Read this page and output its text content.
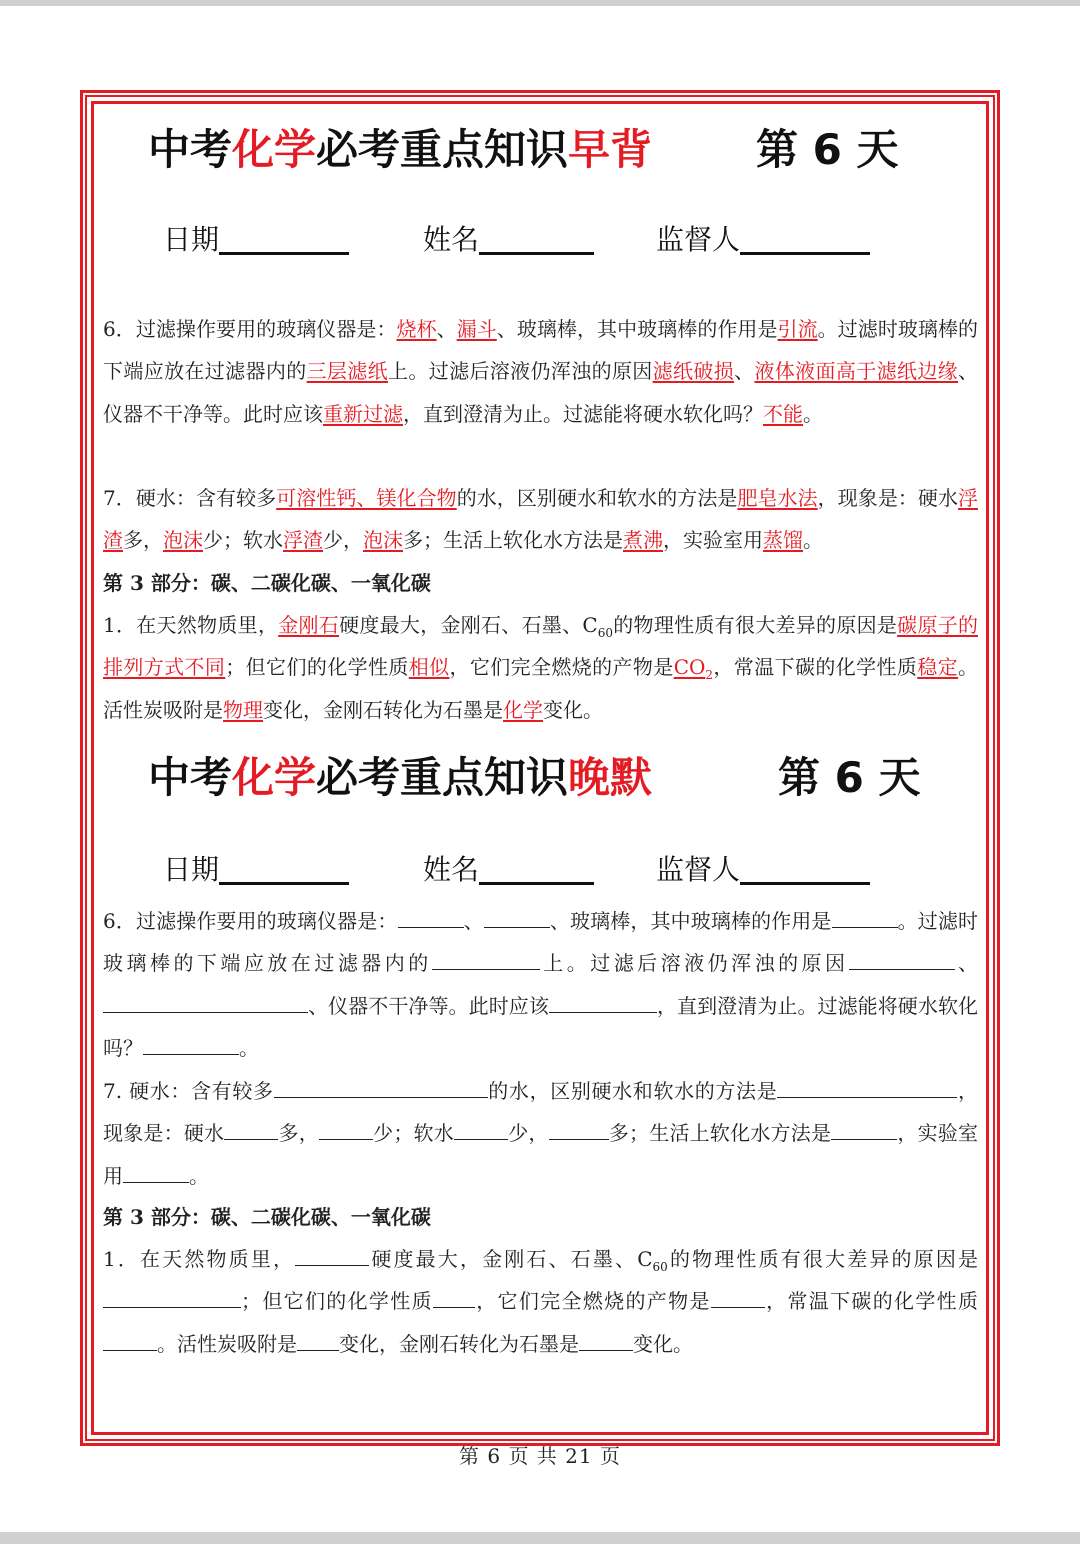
中考化学必考重点知识早背 第 6 天
日期	姓名	监督人
6．过滤操作要用的玻璃仪器是：烧杯、漏斗、玻璃棒，其中玻璃棒的作用是引流。过滤时玻璃棒的下端应放在过滤器内的三层滤纸上。过滤后溶液仍浑浊的原因滤纸破损、液体液面高于滤纸边缘、仪器不干净等。此时应该重新过滤，直到澄清为止。过滤能将硬水软化吗？不能。
7．硬水：含有较多可溶性钙、镁化合物的水，区别硬水和软水的方法是肥皂水法，现象是：硬水浮渣多，泡沫少；软水浮渣少，泡沫多；生活上软化水方法是煮沸，实验室用蒸馏。
第 3 部分：碳、二碳化碳、一氧化碳
1．在天然物质里，金刚石硬度最大，金刚石、石墨、$C_{60}$的物理性质有很大差异的原因是碳原子的排列方式不同；但它们的化学性质相似，它们完全燃烧的产物是$CO_2$，常温下碳的化学性质稳定。活性炭吸附是物理变化，金刚石转化为石墨是化学变化。
中考化学必考重点知识晚默	第 6 天
日期	姓名	监督人
6．过滤操作要用的玻璃仪器是：	、	、玻璃棒，其中玻璃棒的作用是	。过滤时玻璃棒的下端应放在过滤器内的	上。过滤后溶液仍浑浊的原因	、、仪器不干净等。此时应该	，直到澄清为止。过滤能将硬水软化吗？	。
7. 硬水：含有较多	的水，区别硬水和软水的方法是	，现象是：硬水	多，	少；软水	少，	多；生活上软化水方法是	，实验室用	。
第 3 部分：碳、二碳化碳、一氧化碳
1．在天然物质里，	硬度最大，金刚石、石墨、$C_{60}$的物理性质有很大差异的原因是；但它们的化学性质 ，它们完全燃烧的产物是	，常温下碳的化学性质。活性炭吸附是 变化，金刚石转化为石墨是	变化。
第 6 页 共 21 页
